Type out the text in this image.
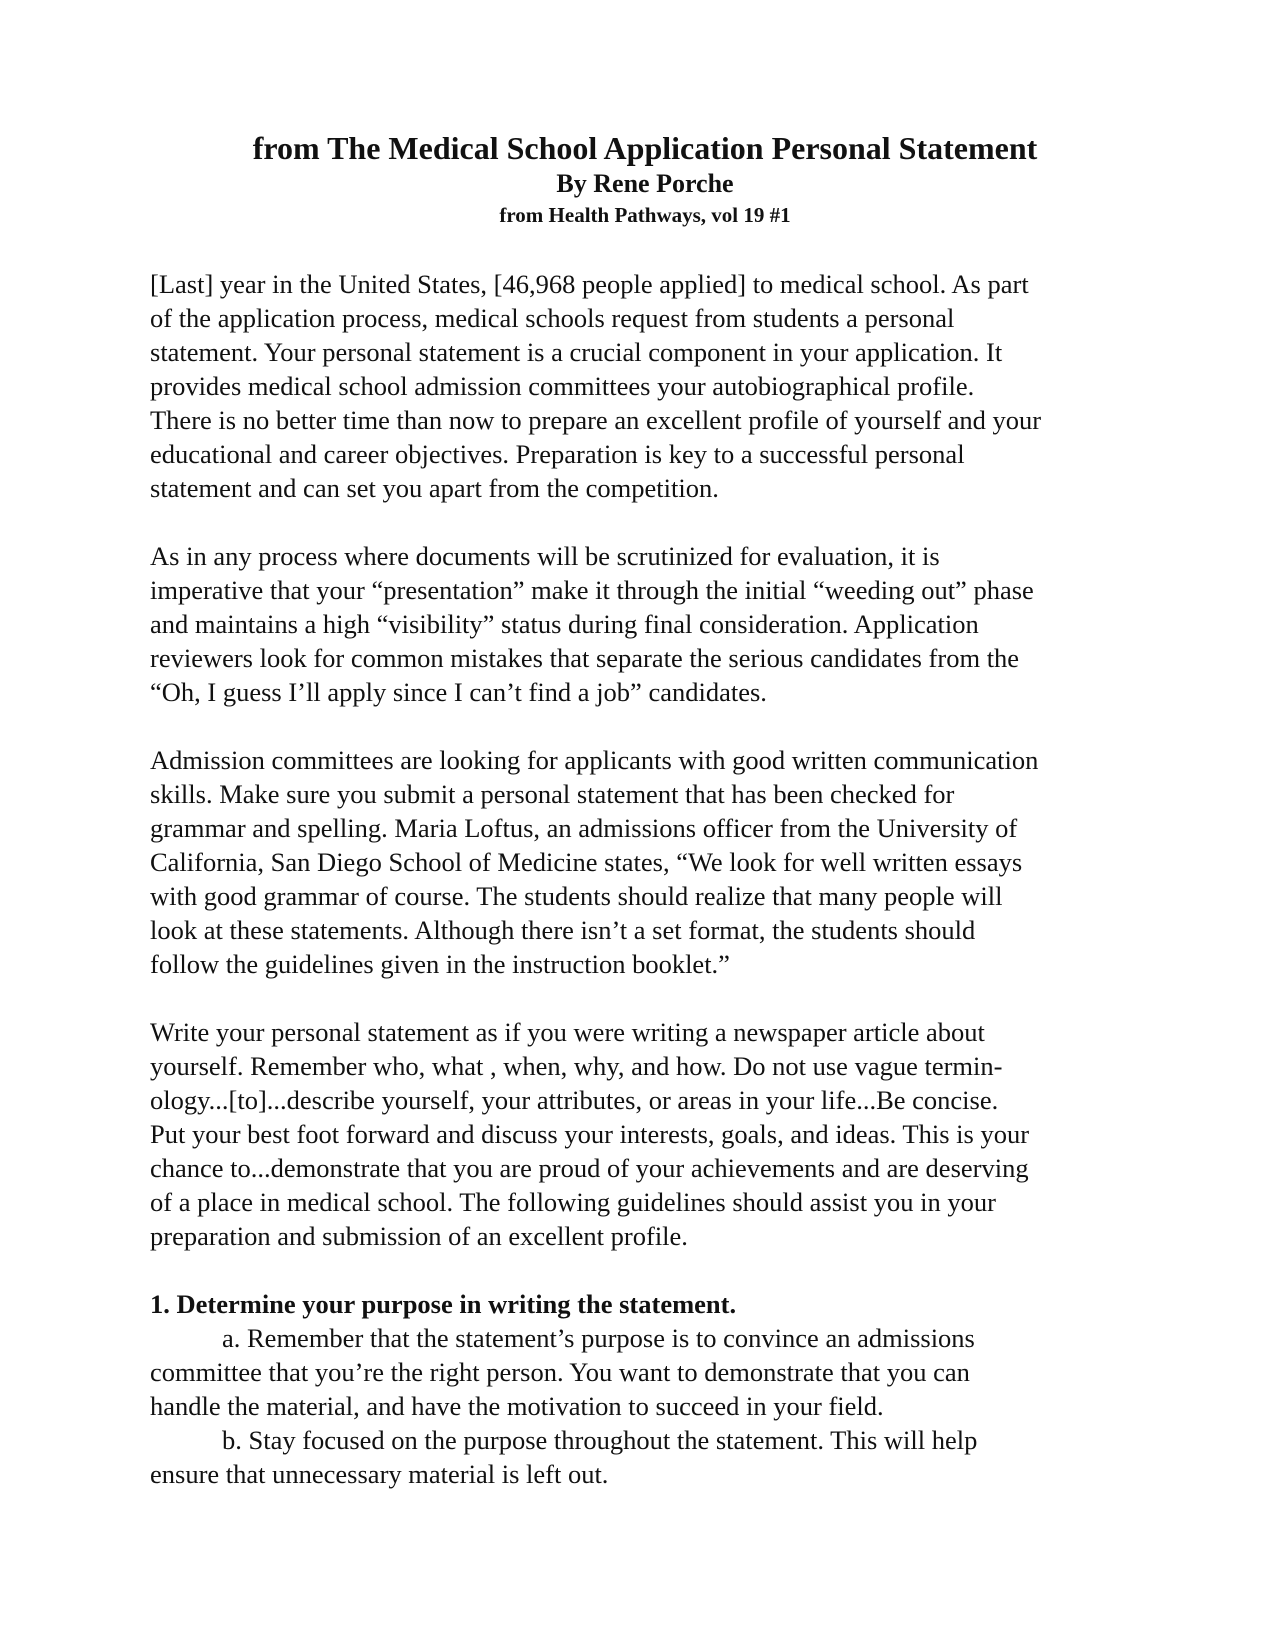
from The Medical School Application Personal Statement

By Rene Porche

from Health Pathways, vol 19 #1

[Last] year in the United States, [46,968 people applied] to medical school. As part
of the application process, medical schools request from students a personal
statement. Your personal statement is a crucial component in your application. It
provides medical school admission committees your autobiographical profile.
There is no better time than now to prepare an excellent profile of yourself and your
educational and career objectives. Preparation is key to a successful personal
statement and can set you apart from the competition.

As in any process where documents will be scrutinized for evaluation, it is
imperative that your “presentation” make it through the initial “weeding out” phase
and maintains a high “visibility” status during final consideration. Application
reviewers look for common mistakes that separate the serious candidates from the
“Oh, I guess I’ll apply since I can’t find a job” candidates.

Admission committees are looking for applicants with good written communication
skills. Make sure you submit a personal statement that has been checked for
grammar and spelling. Maria Loftus, an admissions officer from the University of
California, San Diego School of Medicine states, “We look for well written essays
with good grammar of course. The students should realize that many people will
look at these statements. Although there isn’t a set format, the students should
follow the guidelines given in the instruction booklet.”

Write your personal statement as if you were writing a newspaper article about
yourself. Remember who, what , when, why, and how. Do not use vague termin-
ology...[to]...describe yourself, your attributes, or areas in your life...Be concise.
Put your best foot forward and discuss your interests, goals, and ideas. This is your
chance to...demonstrate that you are proud of your achievements and are deserving
of a place in medical school. The following guidelines should assist you in your
preparation and submission of an excellent profile.

1. Determine your purpose in writing the statement.

a. Remember that the statement’s purpose is to convince an admissions
committee that you’re the right person. You want to demonstrate that you can
handle the material, and have the motivation to succeed in your field.

b. Stay focused on the purpose throughout the statement. This will help
ensure that unnecessary material is left out.
